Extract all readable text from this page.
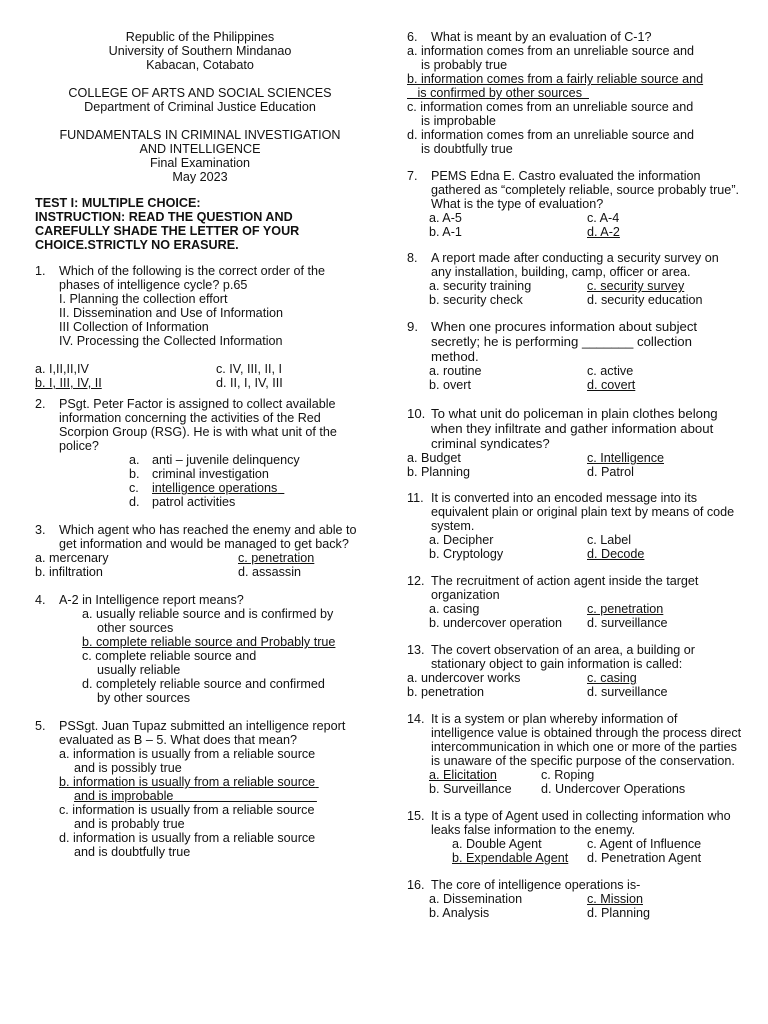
Republic of the Philippines
University of Southern Mindanao
Kabacan, Cotabato
COLLEGE OF ARTS AND SOCIAL SCIENCES
Department of Criminal Justice Education
FUNDAMENTALS IN CRIMINAL INVESTIGATION
AND INTELLIGENCE
Final Examination
May 2023
TEST I: MULTIPLE CHOICE:
INSTRUCTION: READ THE QUESTION AND
CAREFULLY SHADE THE LETTER OF YOUR
CHOICE.STRICTLY NO ERASURE.
1. Which of the following is the correct order of the phases of intelligence cycle? p.65
I. Planning the collection effort
II. Dissemination and Use of Information
III Collection of Information
IV. Processing the Collected Information
a. I,II,II,IV	c. IV, III, II, I
b. I, III, IV, II	d. II, I, IV, III
2. PSgt. Peter Factor is assigned to collect available information concerning the activities of the Red Scorpion Group (RSG). He is with what unit of the police?
a. anti – juvenile delinquency
b. criminal investigation
c. intelligence operations
d. patrol activities
3. Which agent who has reached the enemy and able to get information and would be managed to get back?
a. mercenary	c. penetration
b. infiltration	d. assassin
4. A-2 in Intelligence report means?
a. usually reliable source and is confirmed by
other sources
b. complete reliable source and Probably true
c. complete reliable source and
usually reliable
d. completely reliable source and confirmed
by other sources
5. PSSgt. Juan Tupaz submitted an intelligence report evaluated as B – 5. What does that mean?
a. information is usually from a reliable source
and is possibly true
b. information is usually from a reliable source
and is improbable
c. information is usually from a reliable source
and is probably true
d. information is usually from a reliable source
and is doubtfully true
6. What is meant by an evaluation of C-1?
a. information comes from an unreliable source and
is probably true
b. information comes from a fairly reliable source and
is confirmed by other sources
c. information comes from an unreliable source and
is improbable
d. information comes from an unreliable source and
is doubtfully true
7. PEMS Edna E. Castro evaluated the information gathered as “completely reliable, source probably true”. What is the type of evaluation?
a. A-5	c. A-4
b. A-1	d. A-2
8. A report made after conducting a security survey on any installation, building, camp, officer or area.
a. security training	c. security survey
b. security check	d. security education
9. When one procures information about subject secretly; he is performing _______ collection method.
a. routine	c. active
b. overt	d. covert
10. To what unit do policeman in plain clothes belong when they infiltrate and gather information about criminal syndicates?
a. Budget	c. Intelligence
b. Planning	d. Patrol
11. It is converted into an encoded message into its equivalent plain or original plain text by means of code system.
a. Decipher	c. Label
b. Cryptology	d. Decode
12. The recruitment of action agent inside the target organization
a. casing	c. penetration
b. undercover operation	d. surveillance
13. The covert observation of an area, a building or stationary object to gain information is called:
a. undercover works	c. casing
b. penetration	d. surveillance
14. It is a system or plan whereby information of intelligence value is obtained through the process direct intercommunication in which one or more of the parties is unaware of the specific purpose of the conservation.
a. Elicitation	c. Roping
b. Surveillance	d. Undercover Operations
15. It is a type of Agent used in collecting information who leaks false information to the enemy.
a. Double Agent	c. Agent of Influence
b. Expendable Agent	d. Penetration Agent
16. The core of intelligence operations is-
a. Dissemination	c. Mission
b. Analysis	d. Planning
